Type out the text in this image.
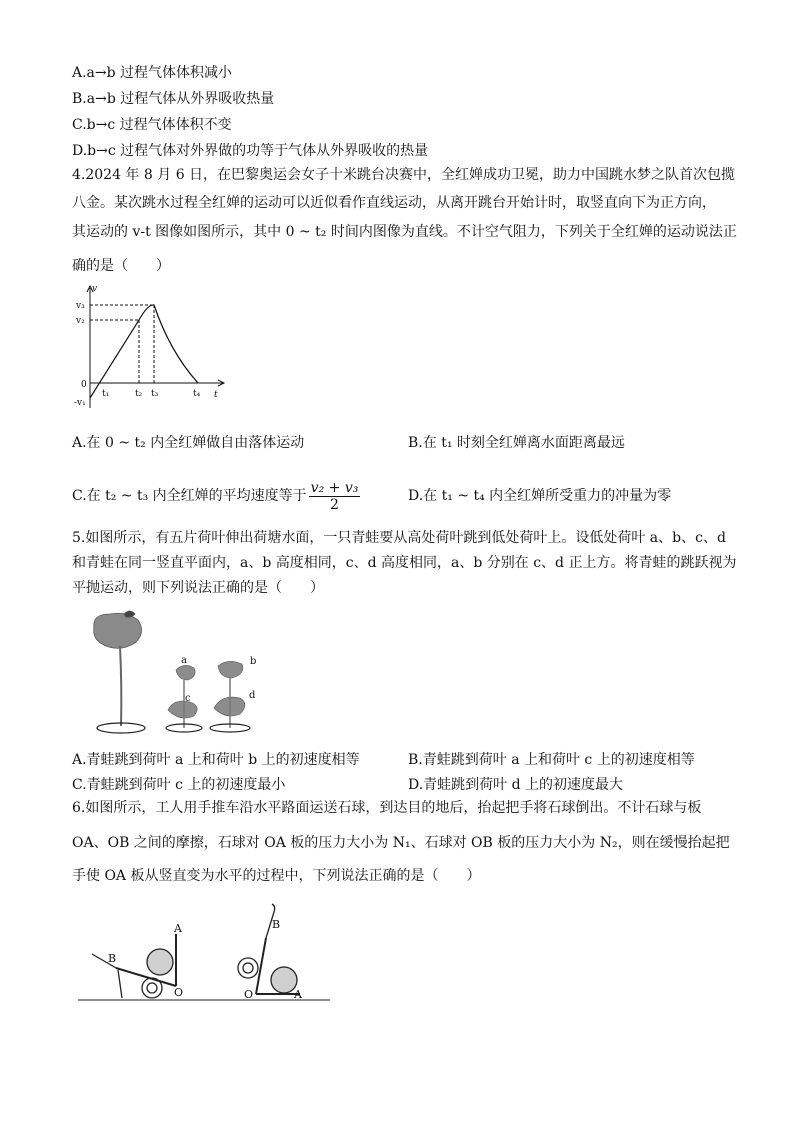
A.a→b 过程气体体积减小
B.a→b 过程气体从外界吸收热量
C.b→c 过程气体体积不变
D.b→c 过程气体对外界做的功等于气体从外界吸收的热量
4.2024 年 8 月 6 日，在巴黎奥运会女子十米跳台决赛中，全红婵成功卫冕，助力中国跳水梦之队首次包揽
八金。某次跳水过程全红婵的运动可以近似看作直线运动，从离开跳台开始计时，取竖直向下为正方向，
其运动的 v-t 图像如图所示，其中 0 ~ t₂ 时间内图像为直线。不计空气阻力，下列关于全红婵的运动说法正
确的是（　　）
v
t
0
v₃
v₂
-v₁
t₁	t₂ t₃	t₄
A.在 0 ~ t₂ 内全红婵做自由落体运动	B.在 t₁ 时刻全红婵离水面距离最远
C.在 t₂ ~ t₃ 内全红婵的平均速度等于 $\frac{\text{v₂ + v₃}}{2}$	D.在 t₁ ~ t₄ 内全红婵所受重力的冲量为零
5.如图所示，有五片荷叶伸出荷塘水面，一只青蛙要从高处荷叶跳到低处荷叶上。设低处荷叶 a、b、c、d
和青蛙在同一竖直平面内，a、b 高度相同，c、d 高度相同，a、b 分别在 c、d 正上方。将青蛙的跳跃视为
平抛运动，则下列说法正确的是（　　）
a
c
b
d
A.青蛙跳到荷叶 a 上和荷叶 b 上的初速度相等	B.青蛙跳到荷叶 a 上和荷叶 c 上的初速度相等
C.青蛙跳到荷叶 c 上的初速度最小	D.青蛙跳到荷叶 d 上的初速度最大
6.如图所示，工人用手推车沿水平路面运送石球，到达目的地后，抬起把手将石球倒出。不计石球与板
OA、OB 之间的摩擦，石球对 OA 板的压力大小为 N₁、石球对 OB 板的压力大小为 N₂，则在缓慢抬起把
手使 OA 板从竖直变为水平的过程中，下列说法正确的是（　　）
A
B
O
B
O	A
